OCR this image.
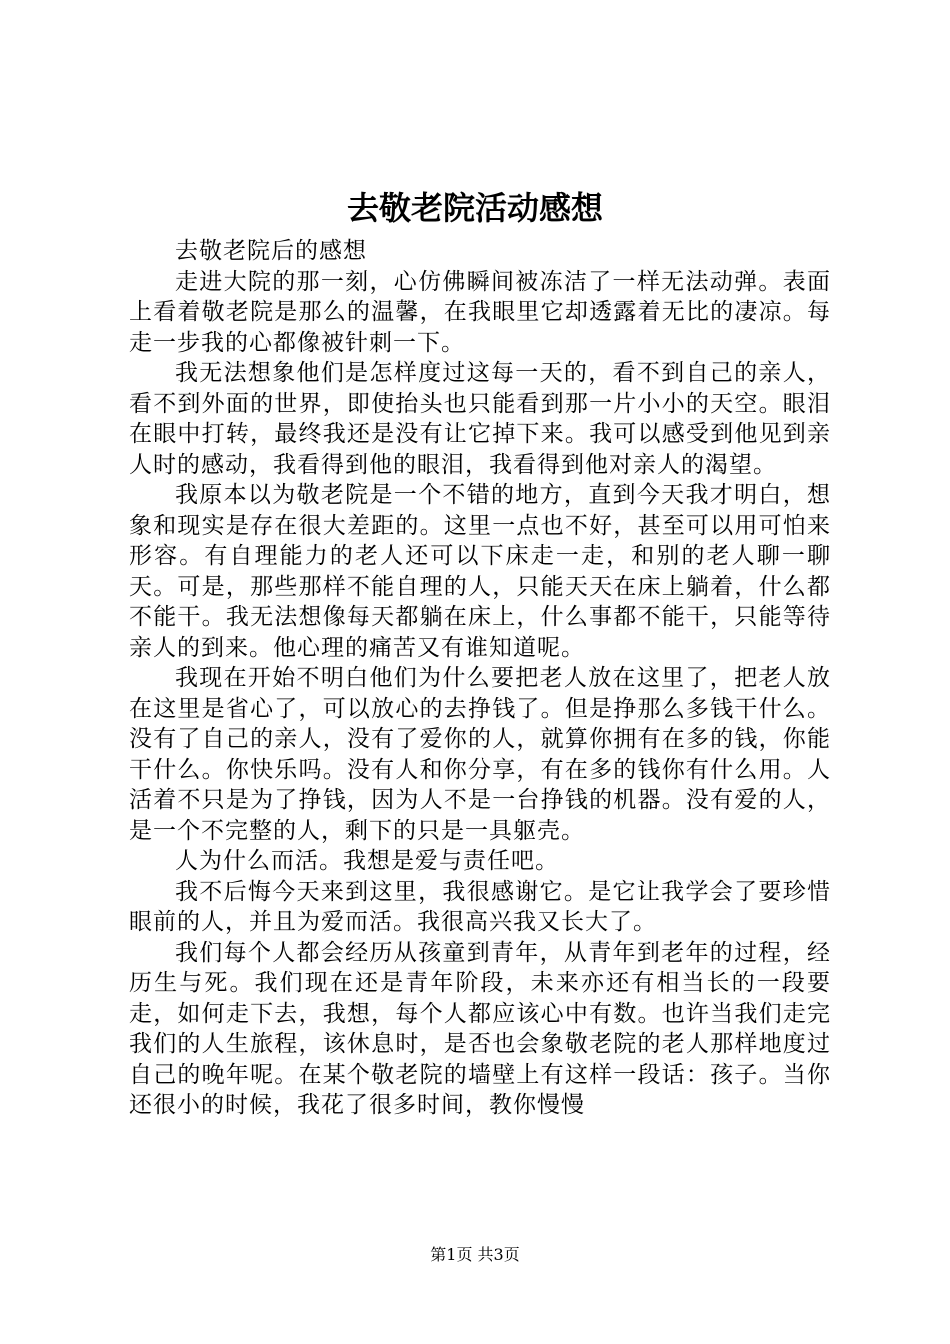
去敬老院活动感想

去敬老院后的感想

走进大院的那一刻，心仿佛瞬间被冻洁了一样无法动弹。表面上看着敬老院是那么的温馨，在我眼里它却透露着无比的凄凉。每走一步我的心都像被针刺一下。

我无法想象他们是怎样度过这每一天的，看不到自己的亲人，看不到外面的世界，即使抬头也只能看到那一片小小的天空。眼泪在眼中打转，最终我还是没有让它掉下来。我可以感受到他见到亲人时的感动，我看得到他的眼泪，我看得到他对亲人的渴望。

我原本以为敬老院是一个不错的地方，直到今天我才明白，想象和现实是存在很大差距的。这里一点也不好，甚至可以用可怕来形容。有自理能力的老人还可以下床走一走，和别的老人聊一聊天。可是，那些那样不能自理的人，只能天天在床上躺着，什么都不能干。我无法想像每天都躺在床上，什么事都不能干，只能等待亲人的到来。他心理的痛苦又有谁知道呢。

我现在开始不明白他们为什么要把老人放在这里了，把老人放在这里是省心了，可以放心的去挣钱了。但是挣那么多钱干什么。没有了自己的亲人，没有了爱你的人，就算你拥有在多的钱，你能干什么。你快乐吗。没有人和你分享，有在多的钱你有什么用。人活着不只是为了挣钱，因为人不是一台挣钱的机器。没有爱的人，是一个不完整的人，剩下的只是一具躯壳。

人为什么而活。我想是爱与责任吧。

我不后悔今天来到这里，我很感谢它。是它让我学会了要珍惜眼前的人，并且为爱而活。我很高兴我又长大了。

我们每个人都会经历从孩童到青年，从青年到老年的过程，经历生与死。我们现在还是青年阶段，未来亦还有相当长的一段要走，如何走下去，我想，每个人都应该心中有数。也许当我们走完我们的人生旅程，该休息时，是否也会象敬老院的老人那样地度过自己的晚年呢。在某个敬老院的墙壁上有这样一段话：孩子。当你还很小的时候，我花了很多时间，教你慢慢

第1页 共3页
